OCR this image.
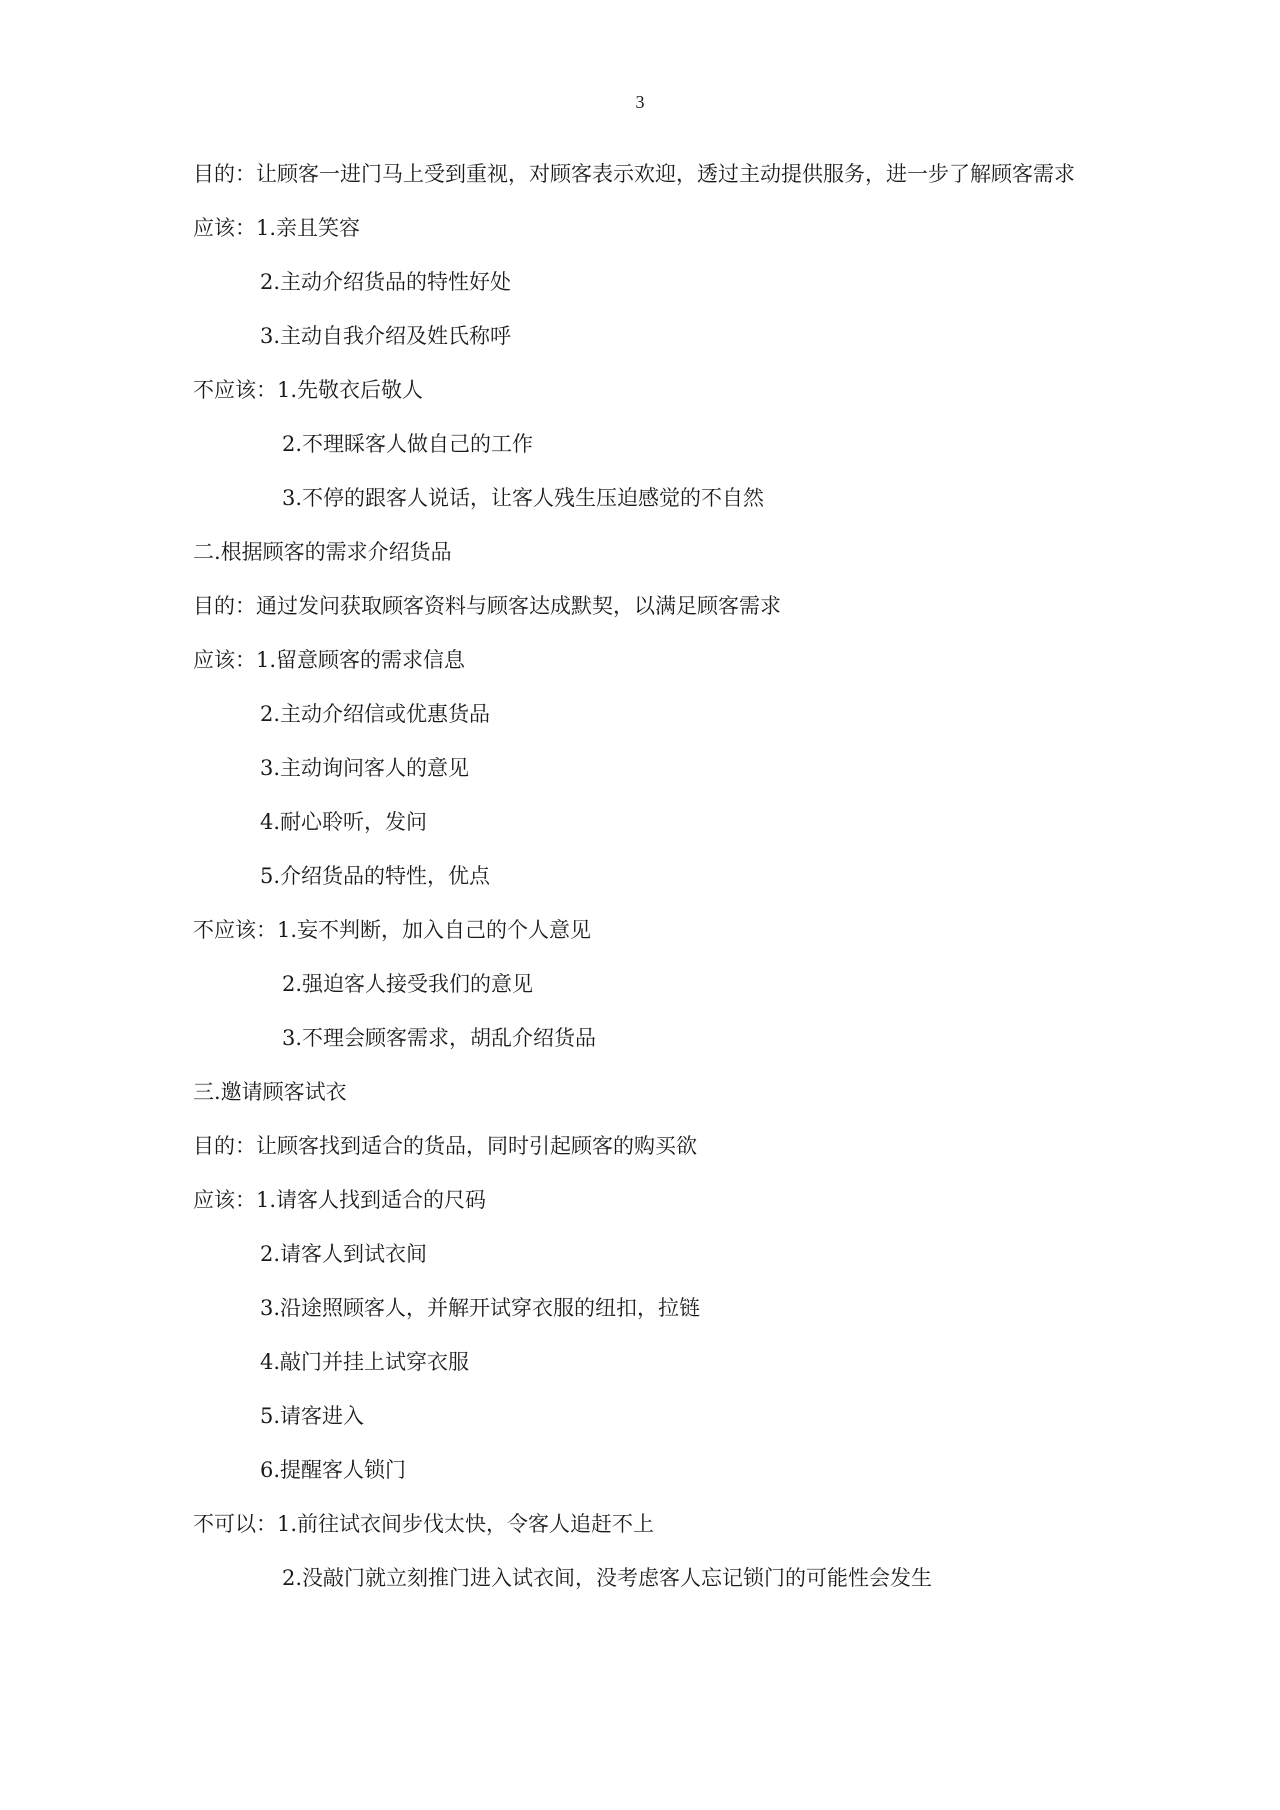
3

目的：让顾客一进门马上受到重视，对顾客表示欢迎，透过主动提供服务，进一步了解顾客需求

应该：1.亲且笑容

2.主动介绍货品的特性好处

3.主动自我介绍及姓氏称呼

不应该：1.先敬衣后敬人

2.不理睬客人做自己的工作

3.不停的跟客人说话，让客人残生压迫感觉的不自然

二.根据顾客的需求介绍货品

目的：通过发问获取顾客资料与顾客达成默契，以满足顾客需求

应该：1.留意顾客的需求信息

2.主动介绍信或优惠货品

3.主动询问客人的意见

4.耐心聆听，发问

5.介绍货品的特性，优点

不应该：1.妄不判断，加入自己的个人意见

2.强迫客人接受我们的意见

3.不理会顾客需求，胡乱介绍货品

三.邀请顾客试衣

目的：让顾客找到适合的货品，同时引起顾客的购买欲

应该：1.请客人找到适合的尺码

2.请客人到试衣间

3.沿途照顾客人，并解开试穿衣服的纽扣，拉链

4.敲门并挂上试穿衣服

5.请客进入

6.提醒客人锁门

不可以：1.前往试衣间步伐太快，令客人追赶不上

2.没敲门就立刻推门进入试衣间，没考虑客人忘记锁门的可能性会发生
